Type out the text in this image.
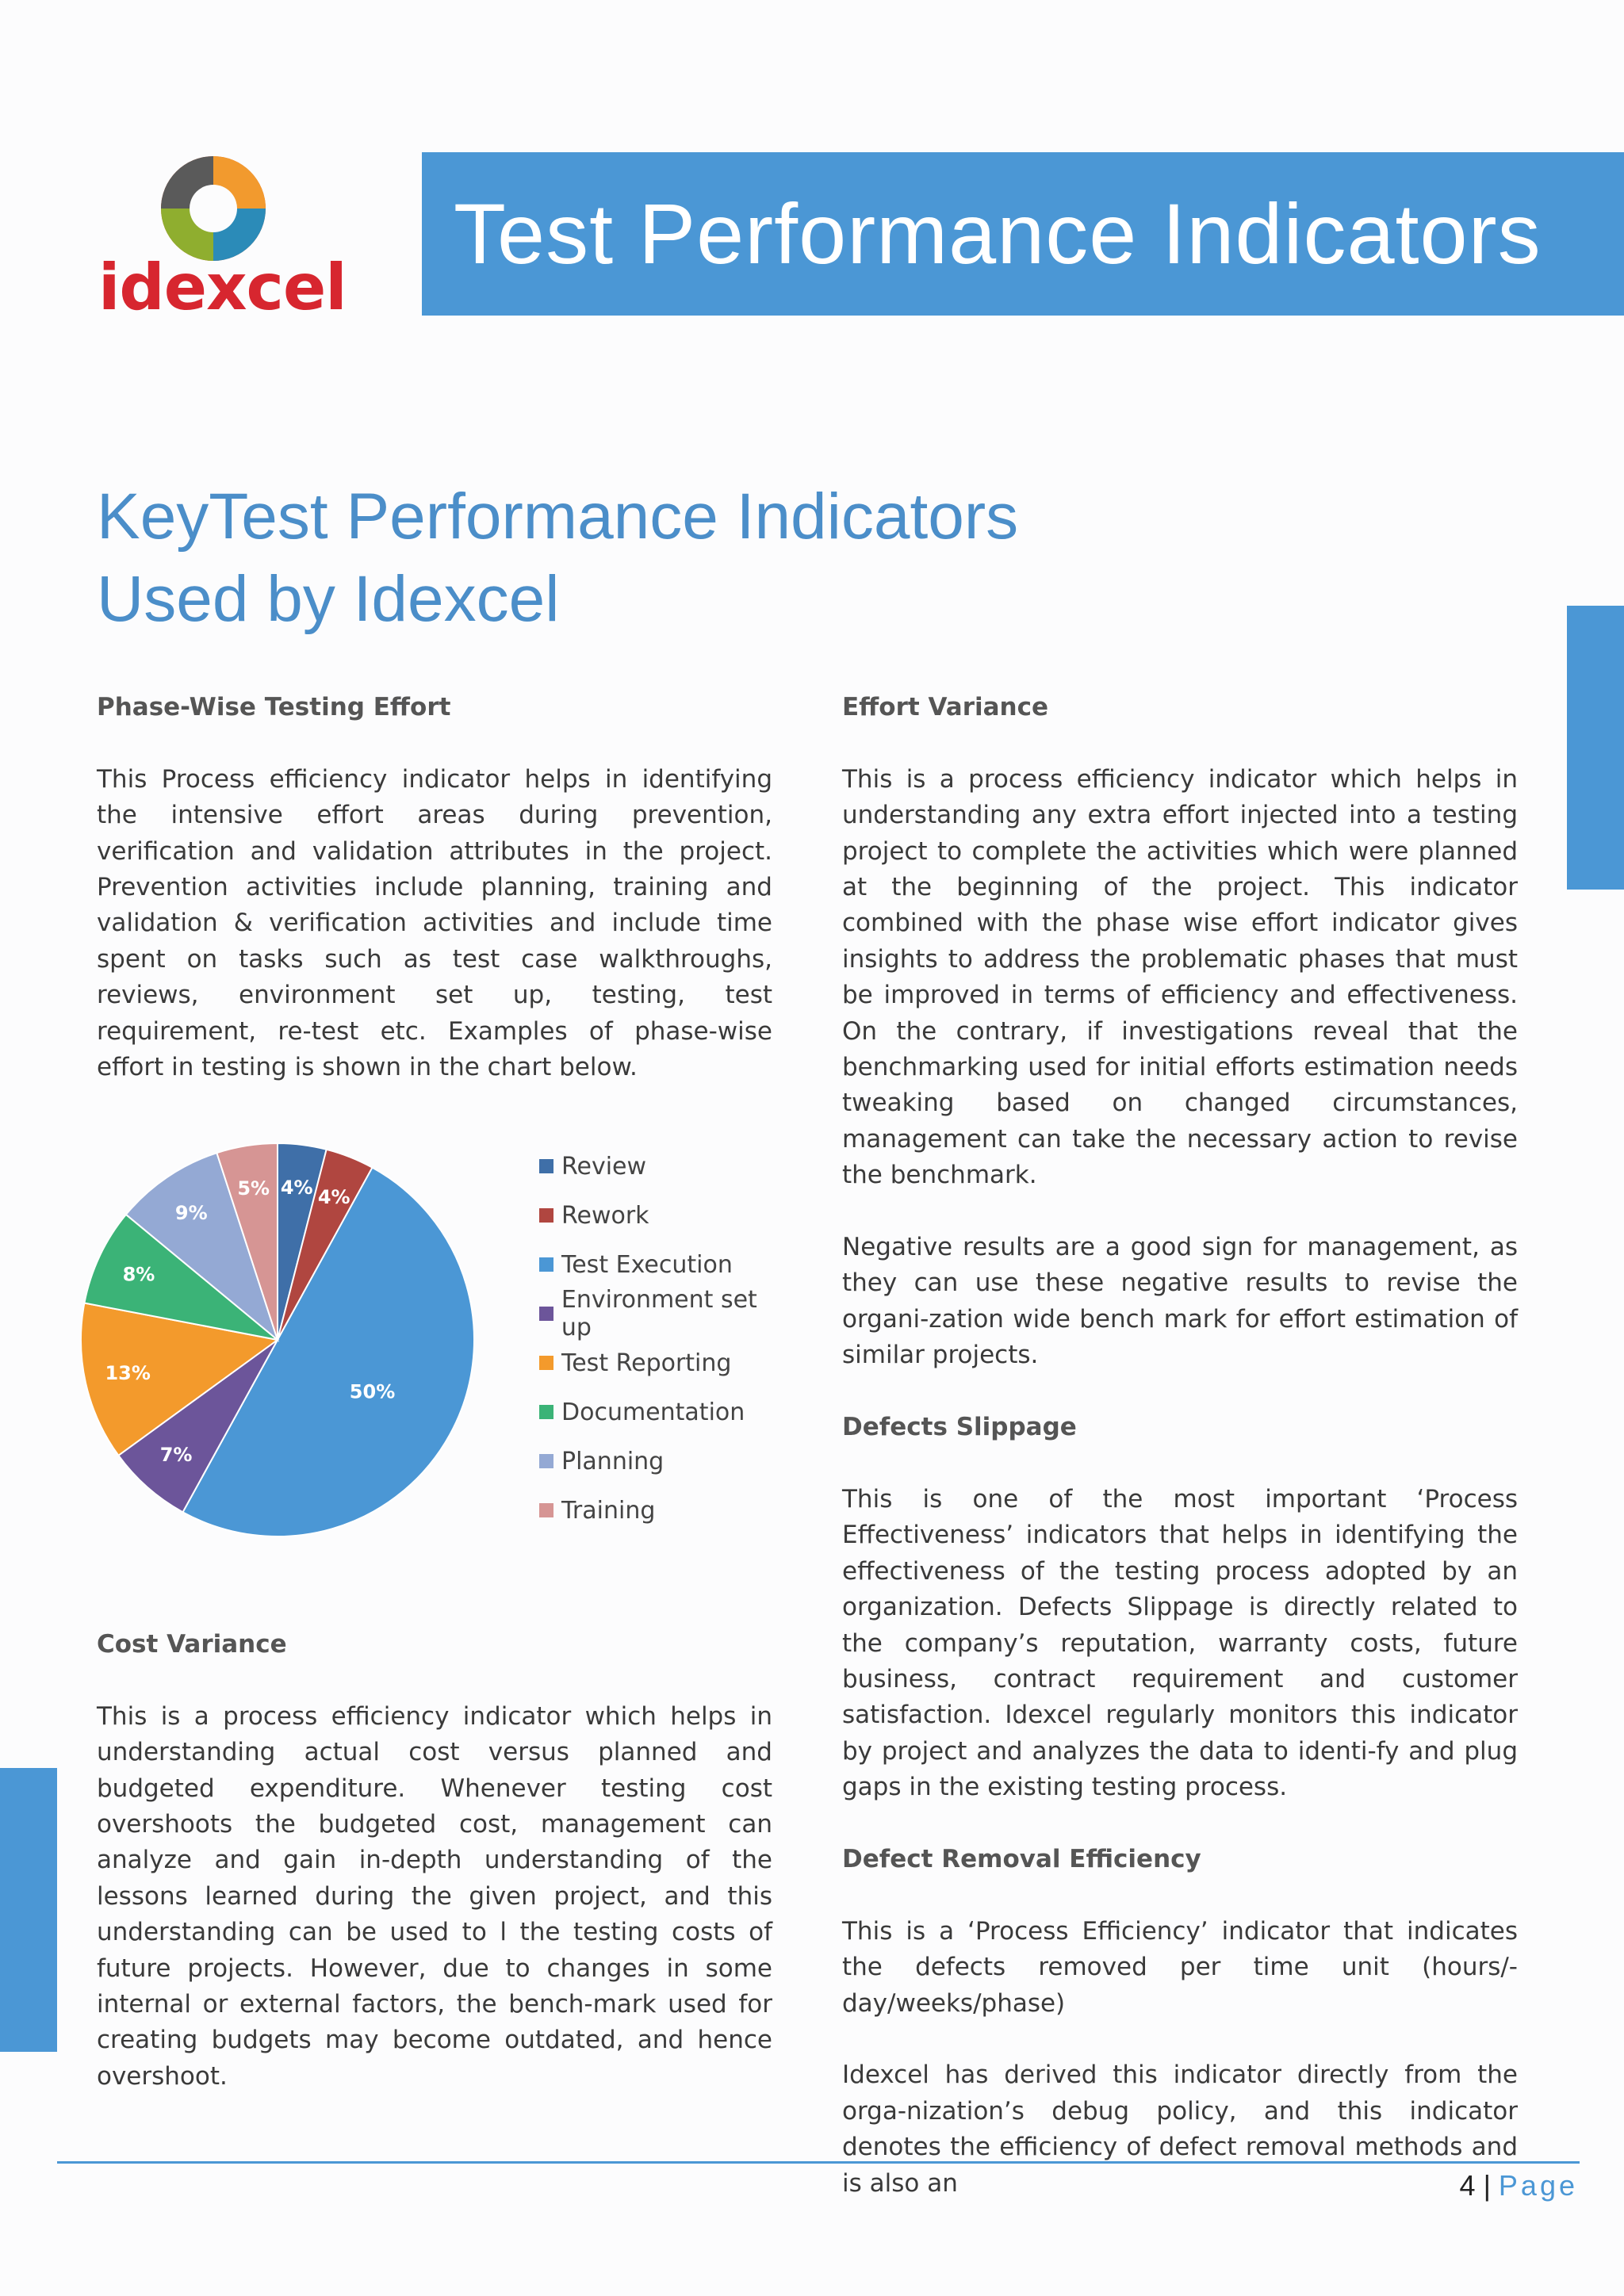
idexcel
Test Performance Indicators
KeyTest Performance Indicators
Used by Idexcel

Phase-Wise Testing Effort

This Process efficiency indicator helps in identifying the intensive effort areas during prevention, verification and validation attributes in the project. Prevention activities include planning, training and validation & verification activities and include time spent on tasks such as test case walkthroughs, reviews, environment set up, testing, test requirement, re-test etc. Examples of phase-wise effort in testing is shown in the chart below.

4% 4%
50%
7%
13%
8%
9%
5%
Review
Rework
Test Execution
Environment set up
Test Reporting
Documentation
Planning
Training

Cost Variance

This is a process efficiency indicator which helps in understanding actual cost versus planned and budgeted expenditure. Whenever testing cost overshoots the budgeted cost, management can analyze and gain in-depth understanding of the lessons learned during the given project, and this understanding can be used to l the testing costs of future projects. However, due to changes in some internal or external factors, the bench-mark used for creating budgets may become outdated, and hence overshoot.

Effort Variance

This is a process efficiency indicator which helps in understanding any extra effort injected into a testing project to complete the activities which were planned at the beginning of the project. This indicator combined with the phase wise effort indicator gives insights to address the problematic phases that must be improved in terms of efficiency and effectiveness. On the contrary, if investigations reveal that the benchmarking used for initial efforts estimation needs tweaking based on changed circumstances, management can take the necessary action to revise the benchmark.

Negative results are a good sign for management, as they can use these negative results to revise the organi-zation wide bench mark for effort estimation of similar projects.

Defects Slippage

This is one of the most important ‘Process Effectiveness’ indicators that helps in identifying the effectiveness of the testing process adopted by an organization. Defects Slippage is directly related to the company’s reputation, warranty costs, future business, contract requirement and customer satisfaction. Idexcel regularly monitors this indicator by project and analyzes the data to identi-fy and plug gaps in the existing testing process.

Defect Removal Efficiency

This is a ‘Process Efficiency’ indicator that indicates the defects removed per time unit (hours/-day/weeks/phase)

Idexcel has derived this indicator directly from the orga-nization’s debug policy, and this indicator denotes the efficiency of defect removal methods and is also an	4 | Page
